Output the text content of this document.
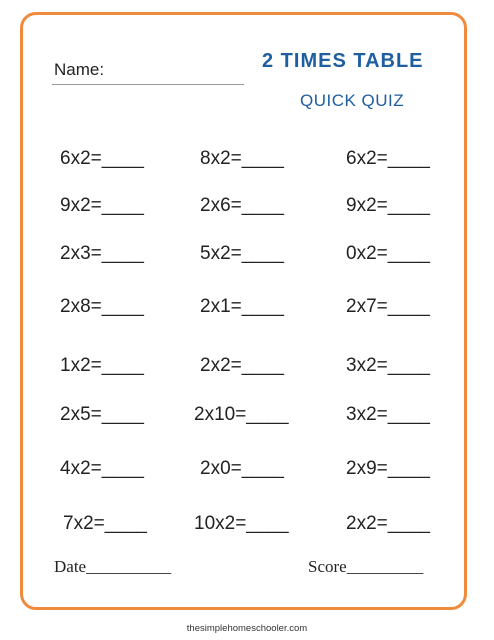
Name:	2 TIMES TABLE
QUICK QUIZ
6x2=____	8x2=____	6x2=____
9x2=____	2x6=____	9x2=____
2x3=____	5x2=____	0x2=____
2x8=____	2x1=____	2x7=____
1x2=____	2x2=____	3x2=____
2x5=____	2x10=____	3x2=____
4x2=____	2x0=____	2x9=____
7x2=____ 10x2=____	2x2=____
Date__________	Score_________
thesimplehomeschooler.com
